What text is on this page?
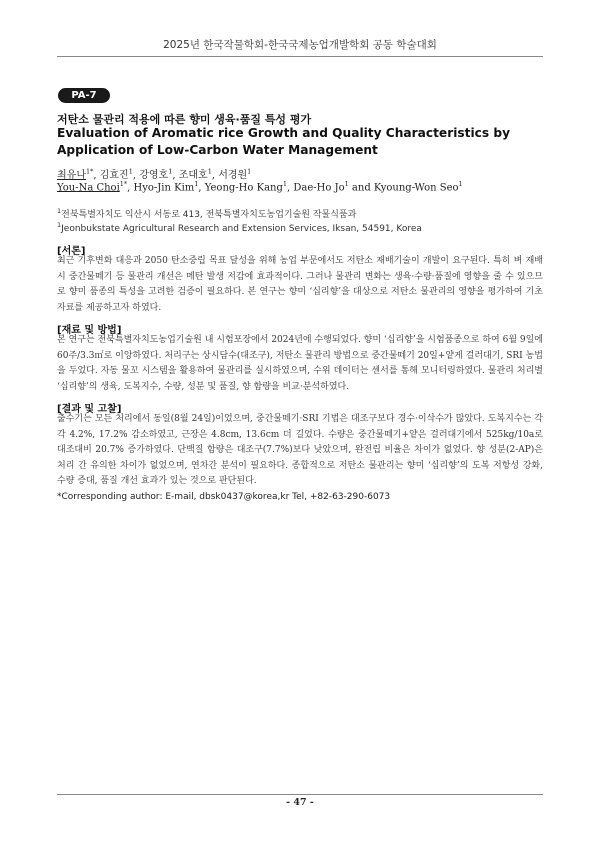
2025년 한국작물학회-한국국제농업개발학회 공동 학술대회
PA-7
저탄소 물관리 적용에 따른 향미 생육·품질 특성 평가
Evaluation of Aromatic rice Growth and Quality Characteristics by Application of Low-Carbon Water Management
최유나$^{1*}$, 김효진$^1$, 강영호$^1$, 조대호$^1$, 서경원$^1$
You-Na Choi$^{1*}$, Hyo-Jin Kim$^1$, Yeong-Ho Kang$^1$, Dae-Ho Jo$^1$ and Kyoung-Won Seo$^1$
$^1$전북특별자치도 익산시 서동로 413, 전북특별자치도농업기술원 작물식품과
$^1$Jeonbukstate Agricultural Research and Extension Services, Iksan, 54591, Korea
[서론]
최근 기후변화 대응과 2050 탄소중립 목표 달성을 위해 농업 부문에서도 저탄소 재배기술이 개발이 요구된다. 특히 벼 재배 시 중간물떼기 등 물관리 개선은 메탄 발생 저감에 효과적이다. 그러나 물관리 변화는 생육·수량·품질에 영향을 줄 수 있으므로 향미 품종의 특성을 고려한 검증이 필요하다. 본 연구는 향미 ‘십리향’을 대상으로 저탄소 물관리의 영향을 평가하여 기초 자료를 제공하고자 하였다.
[재료 및 방법]
본 연구는 전북특별자치도농업기술원 내 시험포장에서 2024년에 수행되었다. 향미 ‘십리향’을 시험품종으로 하여 6월 9일에 60주/3.3㎡로 이앙하였다. 처리구는 상시담수(대조구), 저탄소 물관리 방법으로 중간물떼기 20일+얕게 걸러대기, SRI 농법을 두었다. 자동 물꼬 시스템을 활용하여 물관리를 실시하였으며, 수위 데이터는 센서를 통해 모니터링하였다. 물관리 처리별 ‘십리향’의 생육, 도복지수, 수량, 성분 및 품질, 향 함량을 비교·분석하였다.
[결과 및 고찰]
출수기는 모든 처리에서 동일(8월 24일)이었으며, 중간물떼기·SRI 기법은 대조구보다 경수·이삭수가 많았다. 도복지수는 각각 4.2%, 17.2% 감소하였고, 근장은 4.8cm, 13.6cm 더 길었다. 수량은 중간물떼기+얕은 걸러대기에서 525kg/10a로 대조대비 20.7% 증가하였다. 단백질 함량은 대조구(7.7%)보다 낮았으며, 완전립 비율은 차이가 없었다. 향 성분(2-AP)은 처리 간 유의한 차이가 없었으며, 연차간 분석이 필요하다. 종합적으로 저탄소 물관리는 향미 ‘십리향’의 도복 저항성 강화, 수량 증대, 품질 개선 효과가 있는 것으로 판단된다.
*Corresponding author: E-mail, dbsk0437@korea,kr Tel, +82-63-290-6073
- 47 -
